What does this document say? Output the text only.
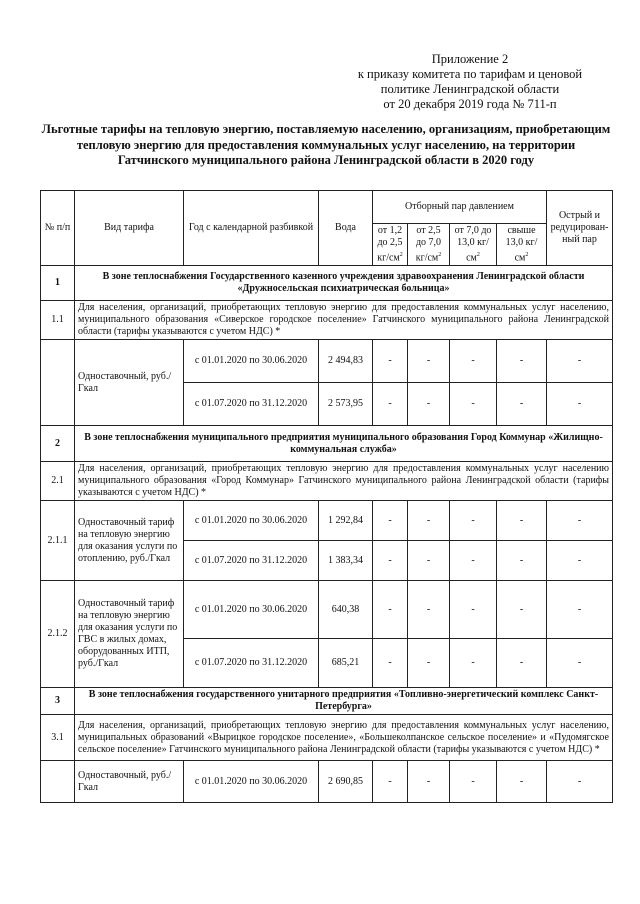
Приложение 2
к приказу комитета по тарифам и ценовой
политике Ленинградской области
от 20 декабря 2019 года № 711-п
Льготные тарифы на тепловую энергию, поставляемую населению, организациям, приобретающим тепловую энергию для предоставления коммунальных услуг населению, на территории Гатчинского муниципального района Ленинградской области в 2020 году
№ п/п	Вид тарифа	Год с календарной разбивкой	Вода	Отборный пар давлением				Острый и редуцирован-ный пар
				от 1,2 до 2,5 $кг/см^2$	от 2,5 до 7,0 $кг/см^2$	от 7,0 до 13,0 $кг/см^2$	свыше 13,0 $кг/см^2$
1	В зоне теплоснабжения Государственного казенного учреждения здравоохранения Ленинградской области «Дружносельская психиатрическая больница»							
1.1	Для населения, организаций, приобретающих тепловую энергию для предоставления коммунальных услуг населению, муниципального образования «Сиверское городское поселение» Гатчинского муниципального района Ленинградской области (тарифы указываются с учетом НДС) *							
	Одноставочный, руб./Гкал	с 01.01.2020 по 30.06.2020	2 494,83	-	-	-	-	-
		с 01.07.2020 по 31.12.2020	2 573,95	-	-	-	-	-
2	В зоне теплоснабжения муниципального предприятия муниципального образования Город Коммунар «Жилищно-коммунальная служба»							
2.1	Для населения, организаций, приобретающих тепловую энергию для предоставления коммунальных услуг населению муниципального образования «Город Коммунар» Гатчинского муниципального района Ленинградской области (тарифы указываются с учетом НДС) *							
2.1.1	Одноставочный тариф на тепловую энергию для оказания услуги по отоплению, руб./Гкал	с 01.01.2020 по 30.06.2020	1 292,84	-	-	-	-	-
		с 01.07.2020 по 31.12.2020	1 383,34	-	-	-	-	-
2.1.2	Одноставочный тариф на тепловую энергию для оказания услуги по ГВС в жилых домах, оборудованных ИТП, руб./Гкал	с 01.01.2020 по 30.06.2020	640,38	-	-	-	-	-
		с 01.07.2020 по 31.12.2020	685,21	-	-	-	-	-
3	В зоне теплоснабжения государственного унитарного предприятия «Топливно-энергетический комплекс Санкт-Петербурга»							
3.1	Для населения, организаций, приобретающих тепловую энергию для предоставления коммунальных услуг населению, муниципальных образований «Вырицкое городское поселение», «Большеколпанское сельское поселение» и «Пудомягское сельское поселение» Гатчинского муниципального района Ленинградской области (тарифы указываются с учетом НДС) *							
	Одноставочный, руб./Гкал	с 01.01.2020 по 30.06.2020	2 690,85	-	-	-	-	-
